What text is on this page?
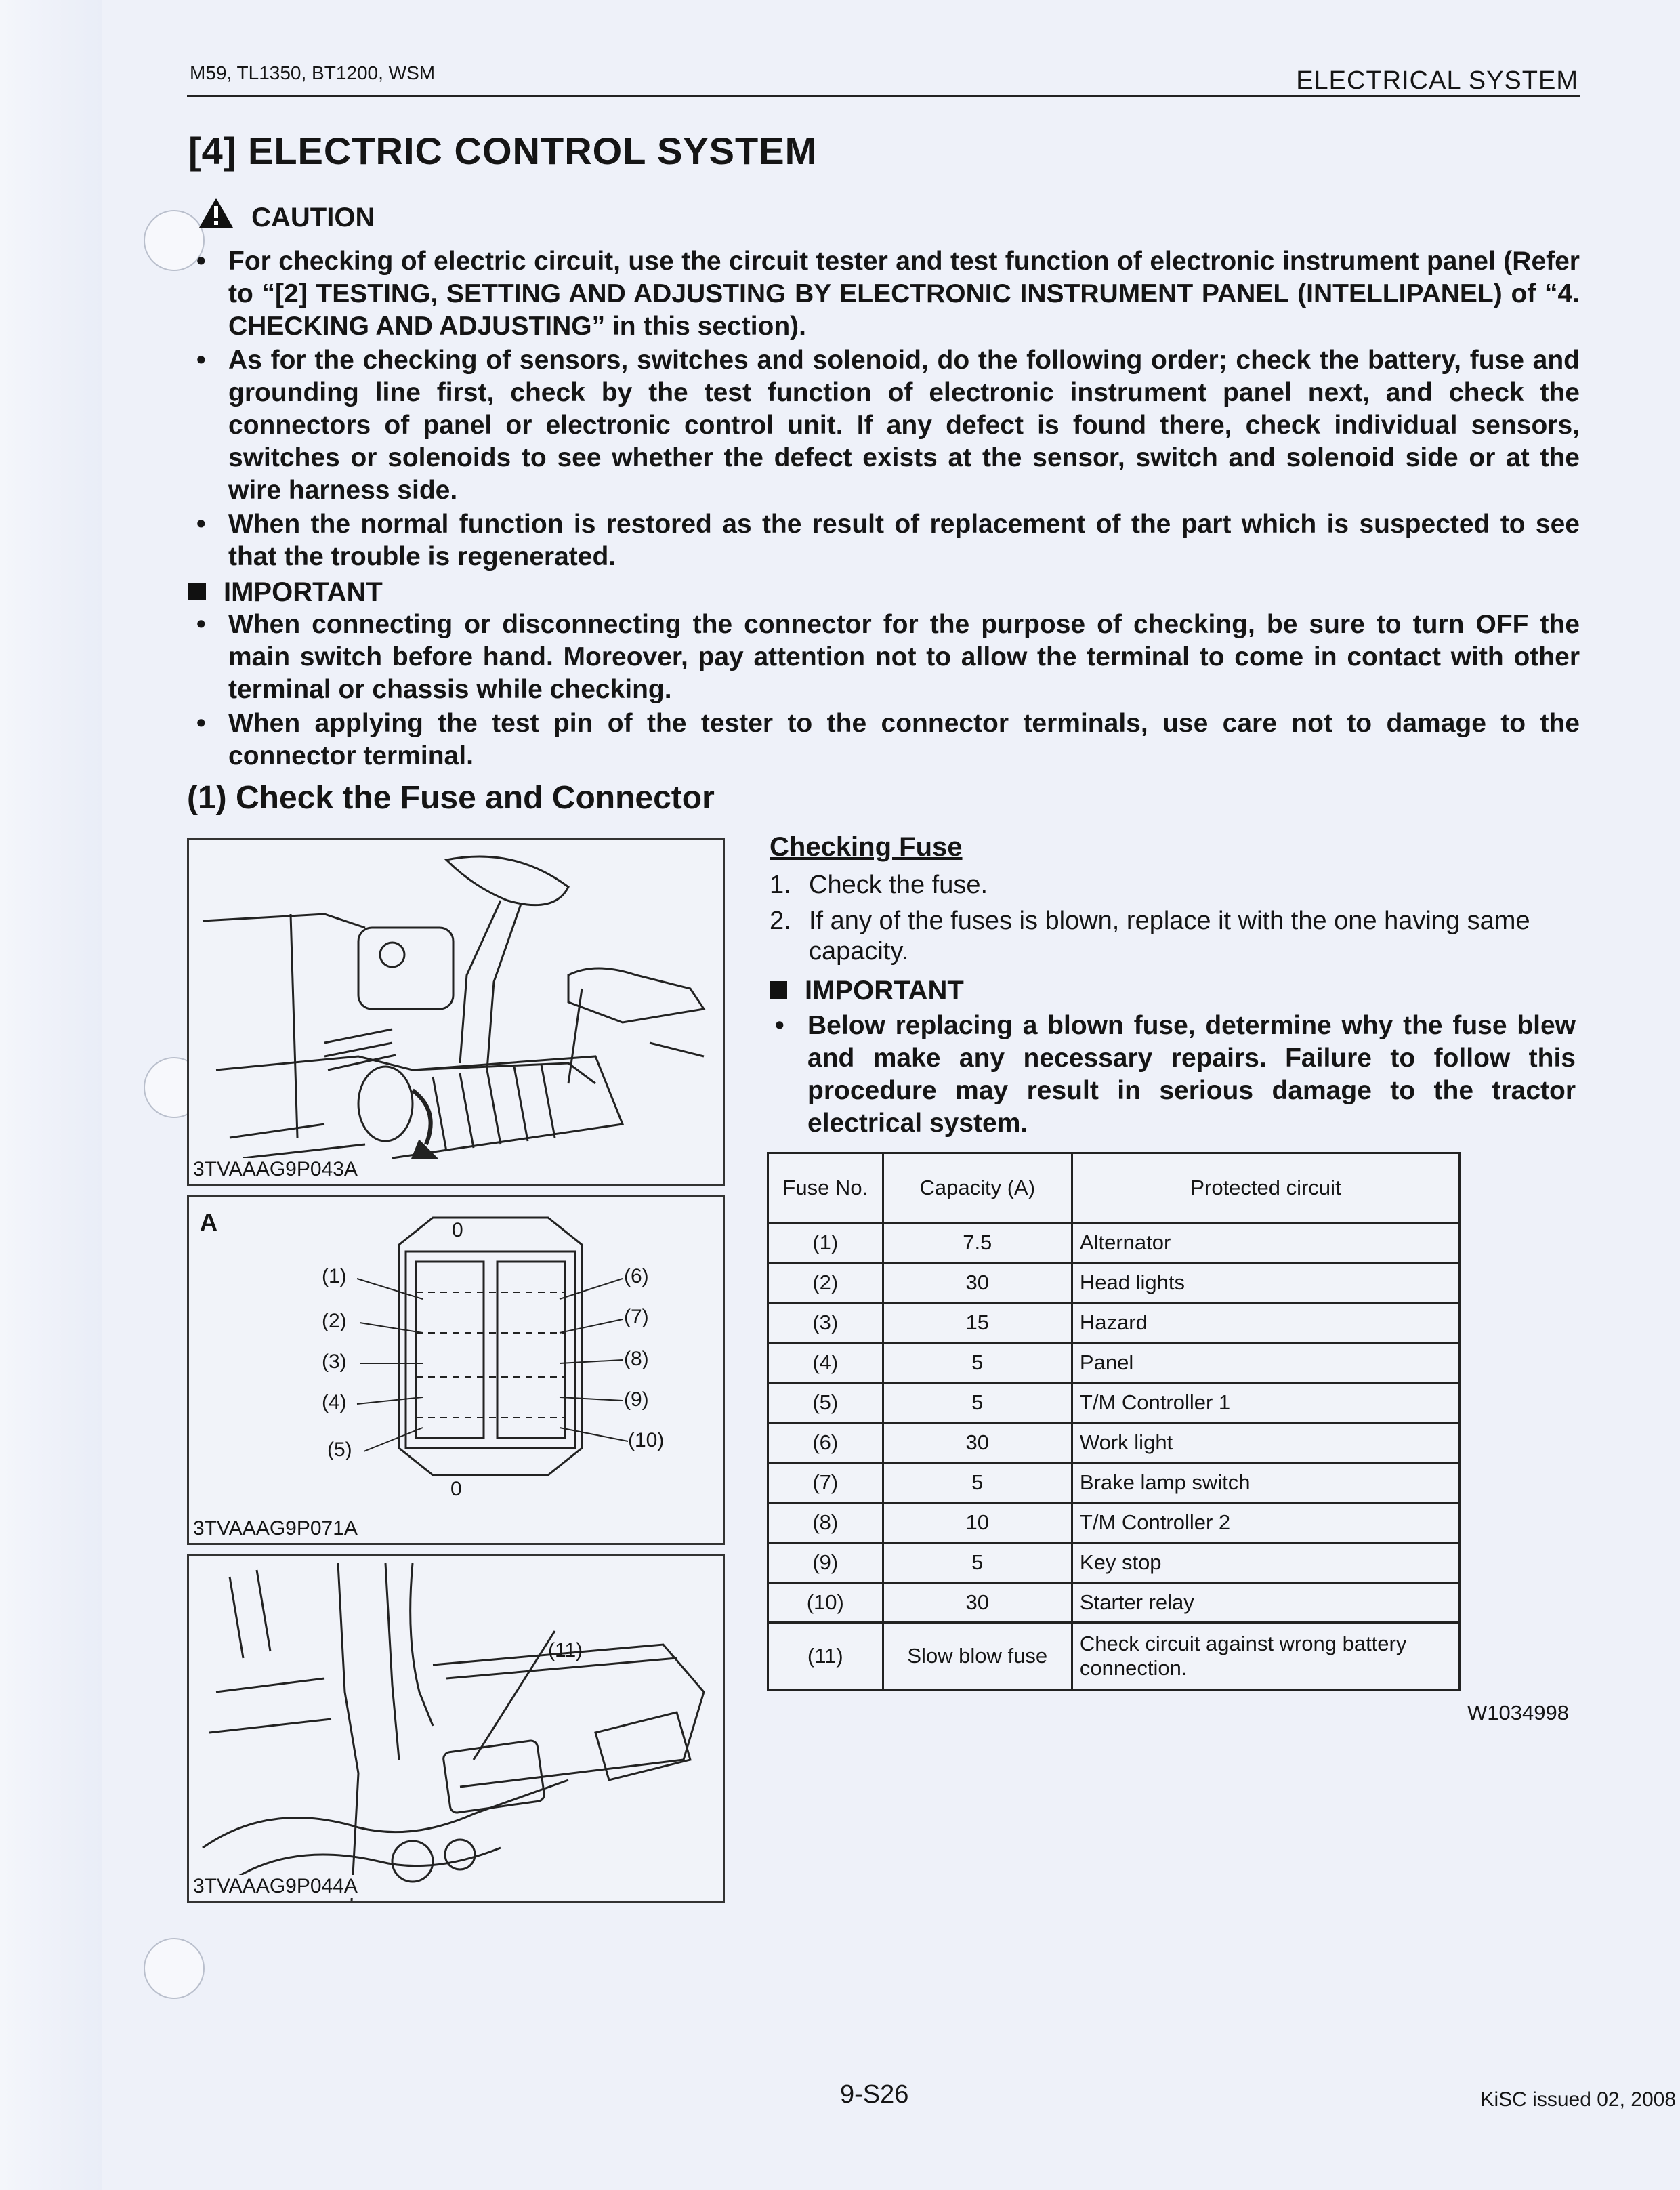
M59, TL1350, BT1200, WSM	ELECTRICAL SYSTEM
[4] ELECTRIC CONTROL SYSTEM
CAUTION
• For checking of electric circuit, use the circuit tester and test function of electronic instrument panel (Refer to “[2] TESTING, SETTING AND ADJUSTING BY ELECTRONIC INSTRUMENT PANEL (INTELLIPANEL) of “4. CHECKING AND ADJUSTING” in this section).
• As for the checking of sensors, switches and solenoid, do the following order; check the battery, fuse and grounding line first, check by the test function of electronic instrument panel next, and check the connectors of panel or electronic control unit. If any defect is found there, check individual sensors, switches or solenoids to see whether the defect exists at the sensor, switch and solenoid side or at the wire harness side.
• When the normal function is restored as the result of replacement of the part which is suspected to see that the trouble is regenerated.
IMPORTANT
• When connecting or disconnecting the connector for the purpose of checking, be sure to turn OFF the main switch before hand. Moreover, pay attention not to allow the terminal to come in contact with other terminal or chassis while checking.
• When applying the test pin of the tester to the connector terminals, use care not to damage to the connector terminal.
(1) Check the Fuse and Connector
3TVAAAG9P043A
A	0
0
(1)
(2)
(3)
(4)
(5)
(6)
(7)
(8)
(9)
(10)
3TVAAAG9P071A
(11)
3TVAAAG9P044A
Checking Fuse
1. Check the fuse.
2. If any of the fuses is blown, replace it with the one having same capacity.
IMPORTANT
• Below replacing a blown fuse, determine why the fuse blew and make any necessary repairs. Failure to follow this procedure may result in serious damage to the tractor electrical system.
Fuse No.	Capacity (A)	Protected circuit
(1)	7.5	Alternator
(2)	30	Head lights
(3)	15	Hazard
(4)	5	Panel
(5)	5	T/M Controller 1
(6)	30	Work light
(7)	5	Brake lamp switch
(8)	10	T/M Controller 2
(9)	5	Key stop
(10)	30	Starter relay
(11)	Slow blow fuse	Check circuit against wrong battery connection.
W1034998
9-S26	KiSC issued 02, 2008
